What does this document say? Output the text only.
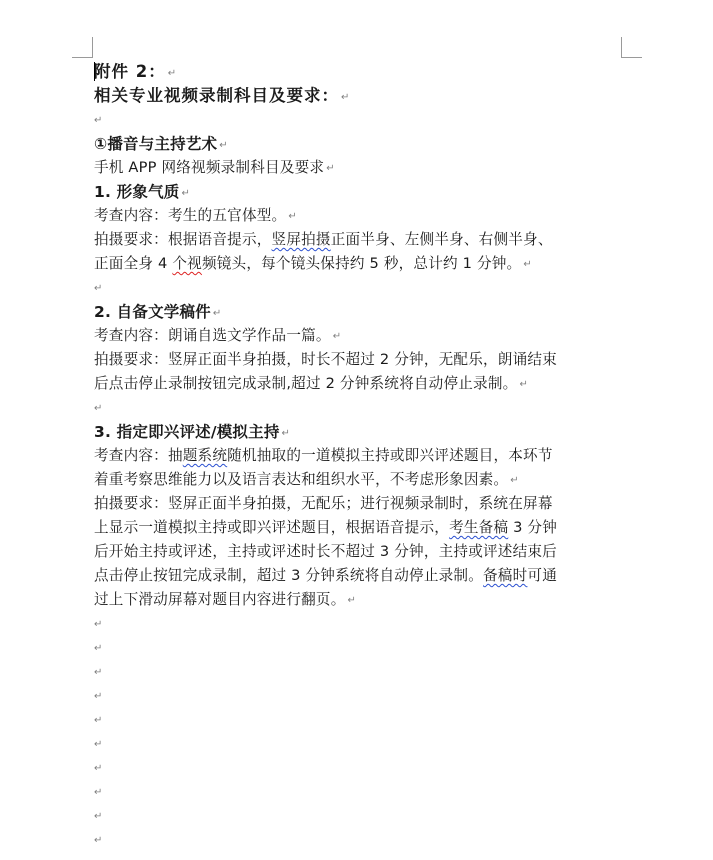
附件 2： ↵
相关专业视频录制科目及要求： ↵
↵
①播音与主持艺术 ↵
手机 APP 网络视频录制科目及要求 ↵
1. 形象气质 ↵
考查内容：考生的五官体型。 ↵
拍摄要求：根据语音提示，竖屏拍摄正面半身、左侧半身、右侧半身、
正面全身 4 个视频镜头，每个镜头保持约 5 秒，总计约 1 分钟。 ↵
↵
2. 自备文学稿件 ↵
考查内容：朗诵自选文学作品一篇。 ↵
拍摄要求：竖屏正面半身拍摄，时长不超过 2 分钟，无配乐，朗诵结束
后点击停止录制按钮完成录制,超过 2 分钟系统将自动停止录制。 ↵
↵
3. 指定即兴评述/模拟主持 ↵
考查内容：抽题系统随机抽取的一道模拟主持或即兴评述题目，本环节
着重考察思维能力以及语言表达和组织水平，不考虑形象因素。 ↵
拍摄要求：竖屏正面半身拍摄，无配乐；进行视频录制时，系统在屏幕
上显示一道模拟主持或即兴评述题目，根据语音提示，考生备稿 3 分钟
后开始主持或评述，主持或评述时长不超过 3 分钟，主持或评述结束后
点击停止按钮完成录制，超过 3 分钟系统将自动停止录制。备稿时可通
过上下滑动屏幕对题目内容进行翻页。 ↵
↵
↵
↵
↵
↵
↵
↵
↵
↵
↵
